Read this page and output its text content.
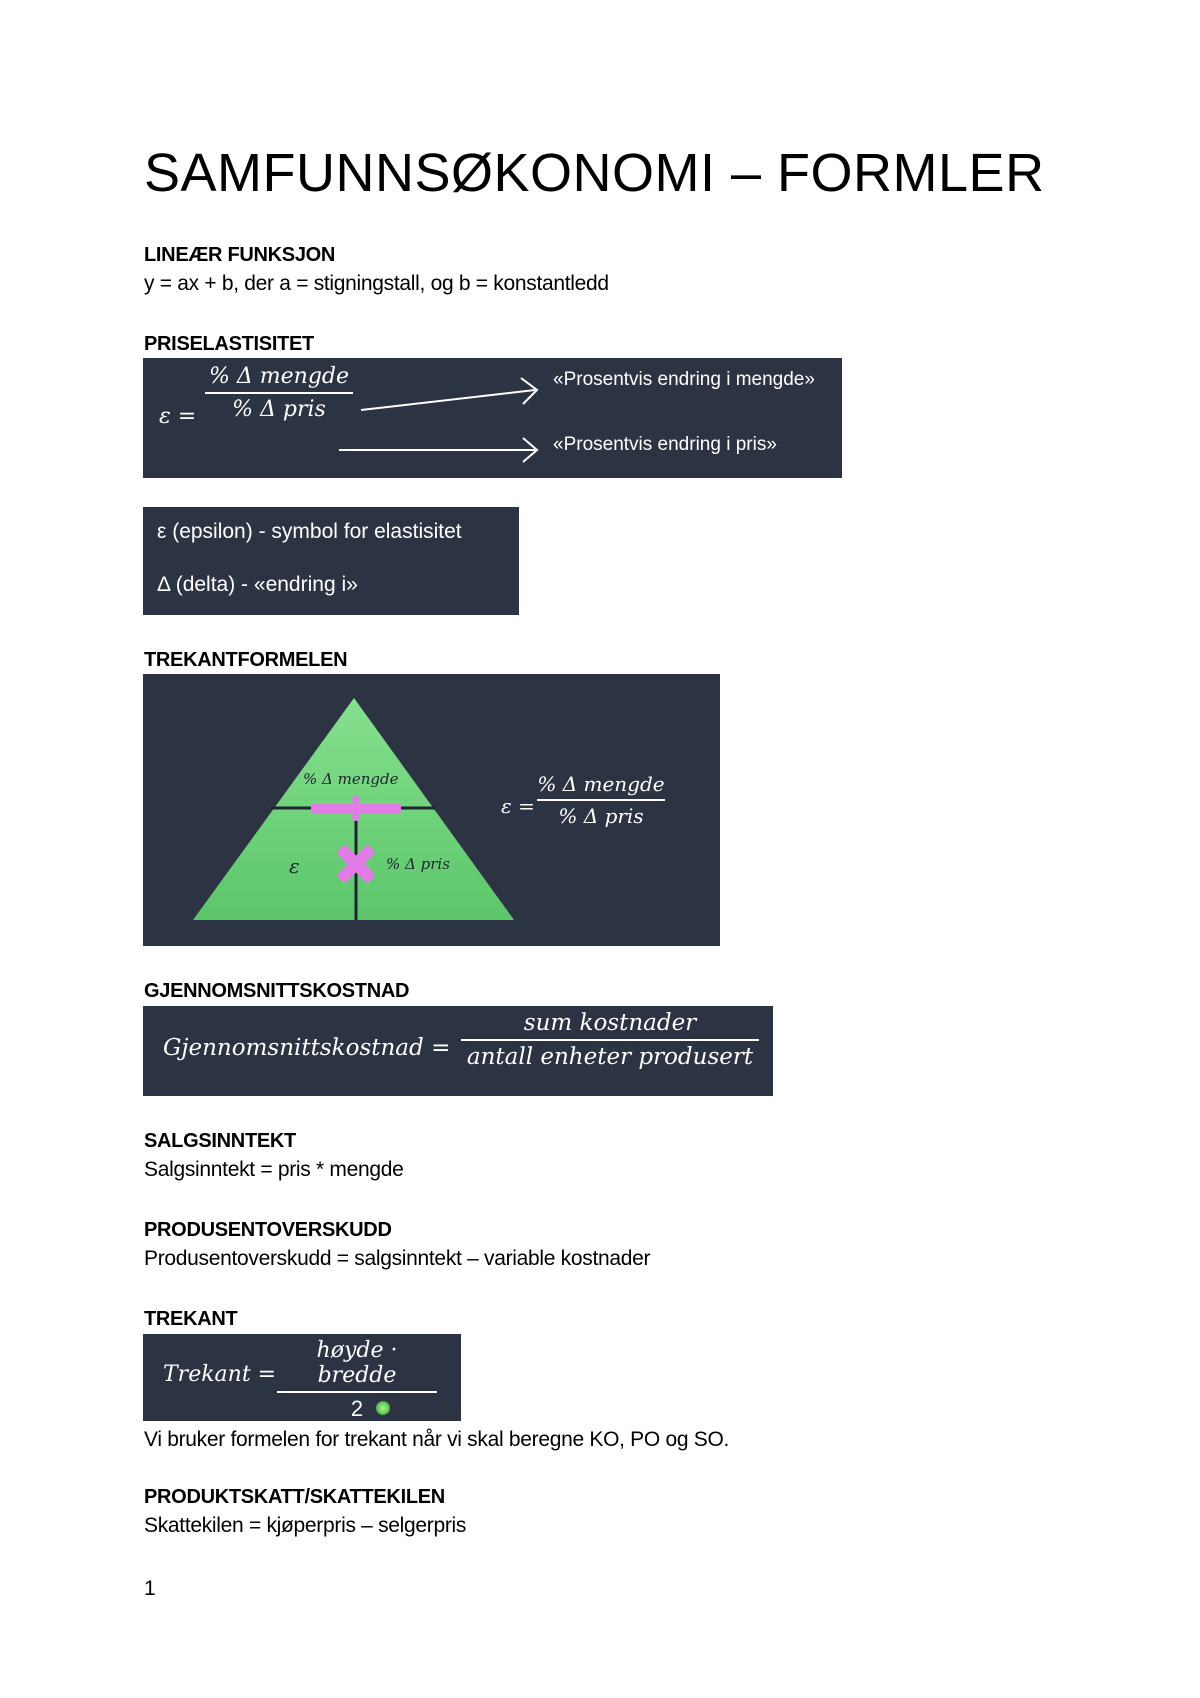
SAMFUNNSØKONOMI – FORMLER
LINEÆR FUNKSJON
y = ax + b, der a = stigningstall, og b = konstantledd
PRISELASTISITET
ε =
% Δ mengde
% Δ pris
«Prosentvis endring i mengde»
«Prosentvis endring i pris»
ε (epsilon) - symbol for elastisitet
Δ (delta) - «endring i»
TREKANTFORMELEN
% Δ mengde
ε	% Δ pris
ε =
% Δ mengde
% Δ pris
GJENNOMSNITTSKOSTNAD
Gjennomsnittskostnad =
sum kostnader
antall enheter produsert
SALGSINNTEKT
Salgsinntekt = pris * mengde
PRODUSENTOVERSKUDD
Produsentoverskudd = salgsinntekt – variable kostnader
TREKANT
Trekant =
høyde · bredde
2
Vi bruker formelen for trekant når vi skal beregne KO, PO og SO.
PRODUKTSKATT/SKATTEKILEN
Skattekilen = kjøperpris – selgerpris
1
